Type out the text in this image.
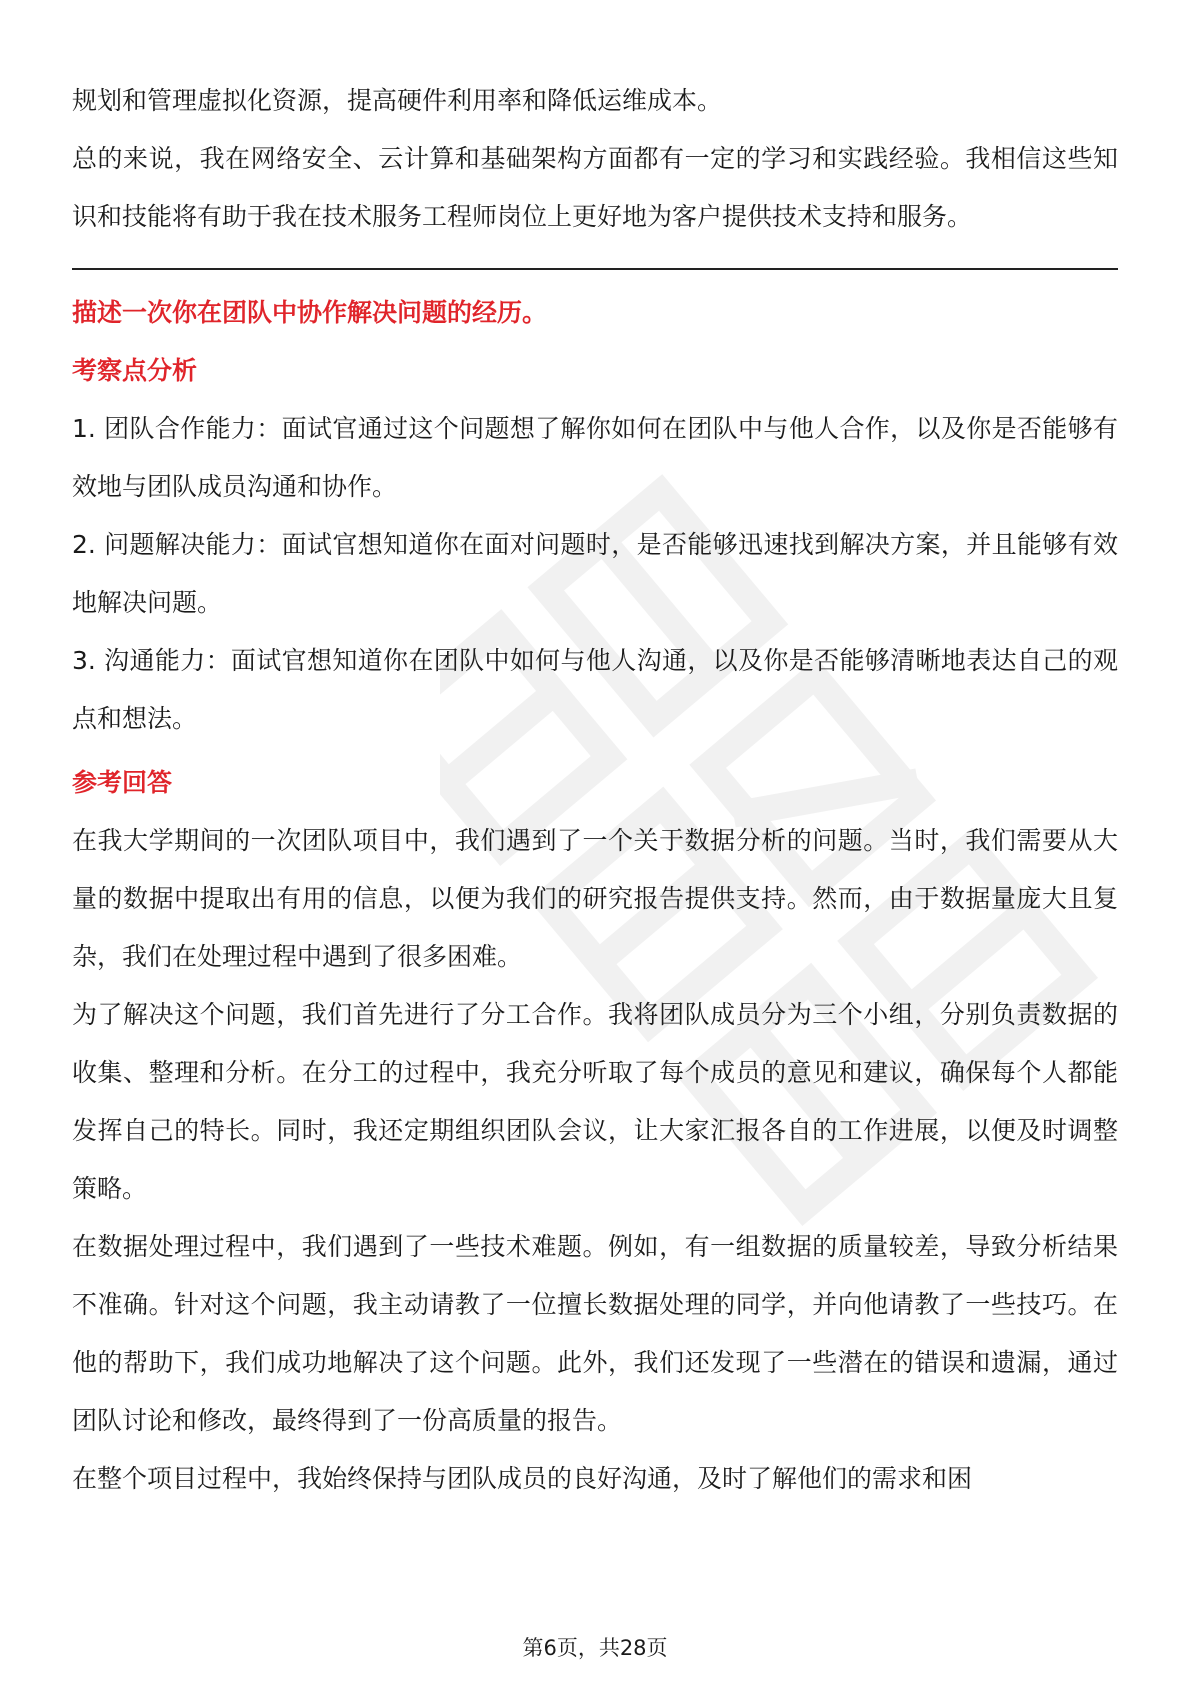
规划和管理虚拟化资源，提高硬件利用率和降低运维成本。

总的来说，我在网络安全、云计算和基础架构方面都有一定的学习和实践经验。我相信这些知识和技能将有助于我在技术服务工程师岗位上更好地为客户提供技术支持和服务。

描述一次你在团队中协作解决问题的经历。

考察点分析

1. 团队合作能力：面试官通过这个问题想了解你如何在团队中与他人合作，以及你是否能够有效地与团队成员沟通和协作。

2. 问题解决能力：面试官想知道你在面对问题时，是否能够迅速找到解决方案，并且能够有效地解决问题。

3. 沟通能力：面试官想知道你在团队中如何与他人沟通，以及你是否能够清晰地表达自己的观点和想法。

参考回答

在我大学期间的一次团队项目中，我们遇到了一个关于数据分析的问题。当时，我们需要从大量的数据中提取出有用的信息，以便为我们的研究报告提供支持。然而，由于数据量庞大且复杂，我们在处理过程中遇到了很多困难。

为了解决这个问题，我们首先进行了分工合作。我将团队成员分为三个小组，分别负责数据的收集、整理和分析。在分工的过程中，我充分听取了每个成员的意见和建议，确保每个人都能发挥自己的特长。同时，我还定期组织团队会议，让大家汇报各自的工作进展，以便及时调整策略。

在数据处理过程中，我们遇到了一些技术难题。例如，有一组数据的质量较差，导致分析结果不准确。针对这个问题，我主动请教了一位擅长数据处理的同学，并向他请教了一些技巧。在他的帮助下，我们成功地解决了这个问题。此外，我们还发现了一些潜在的错误和遗漏，通过团队讨论和修改，最终得到了一份高质量的报告。

在整个项目过程中，我始终保持与团队成员的良好沟通，及时了解他们的需求和困

第6页，共28页
